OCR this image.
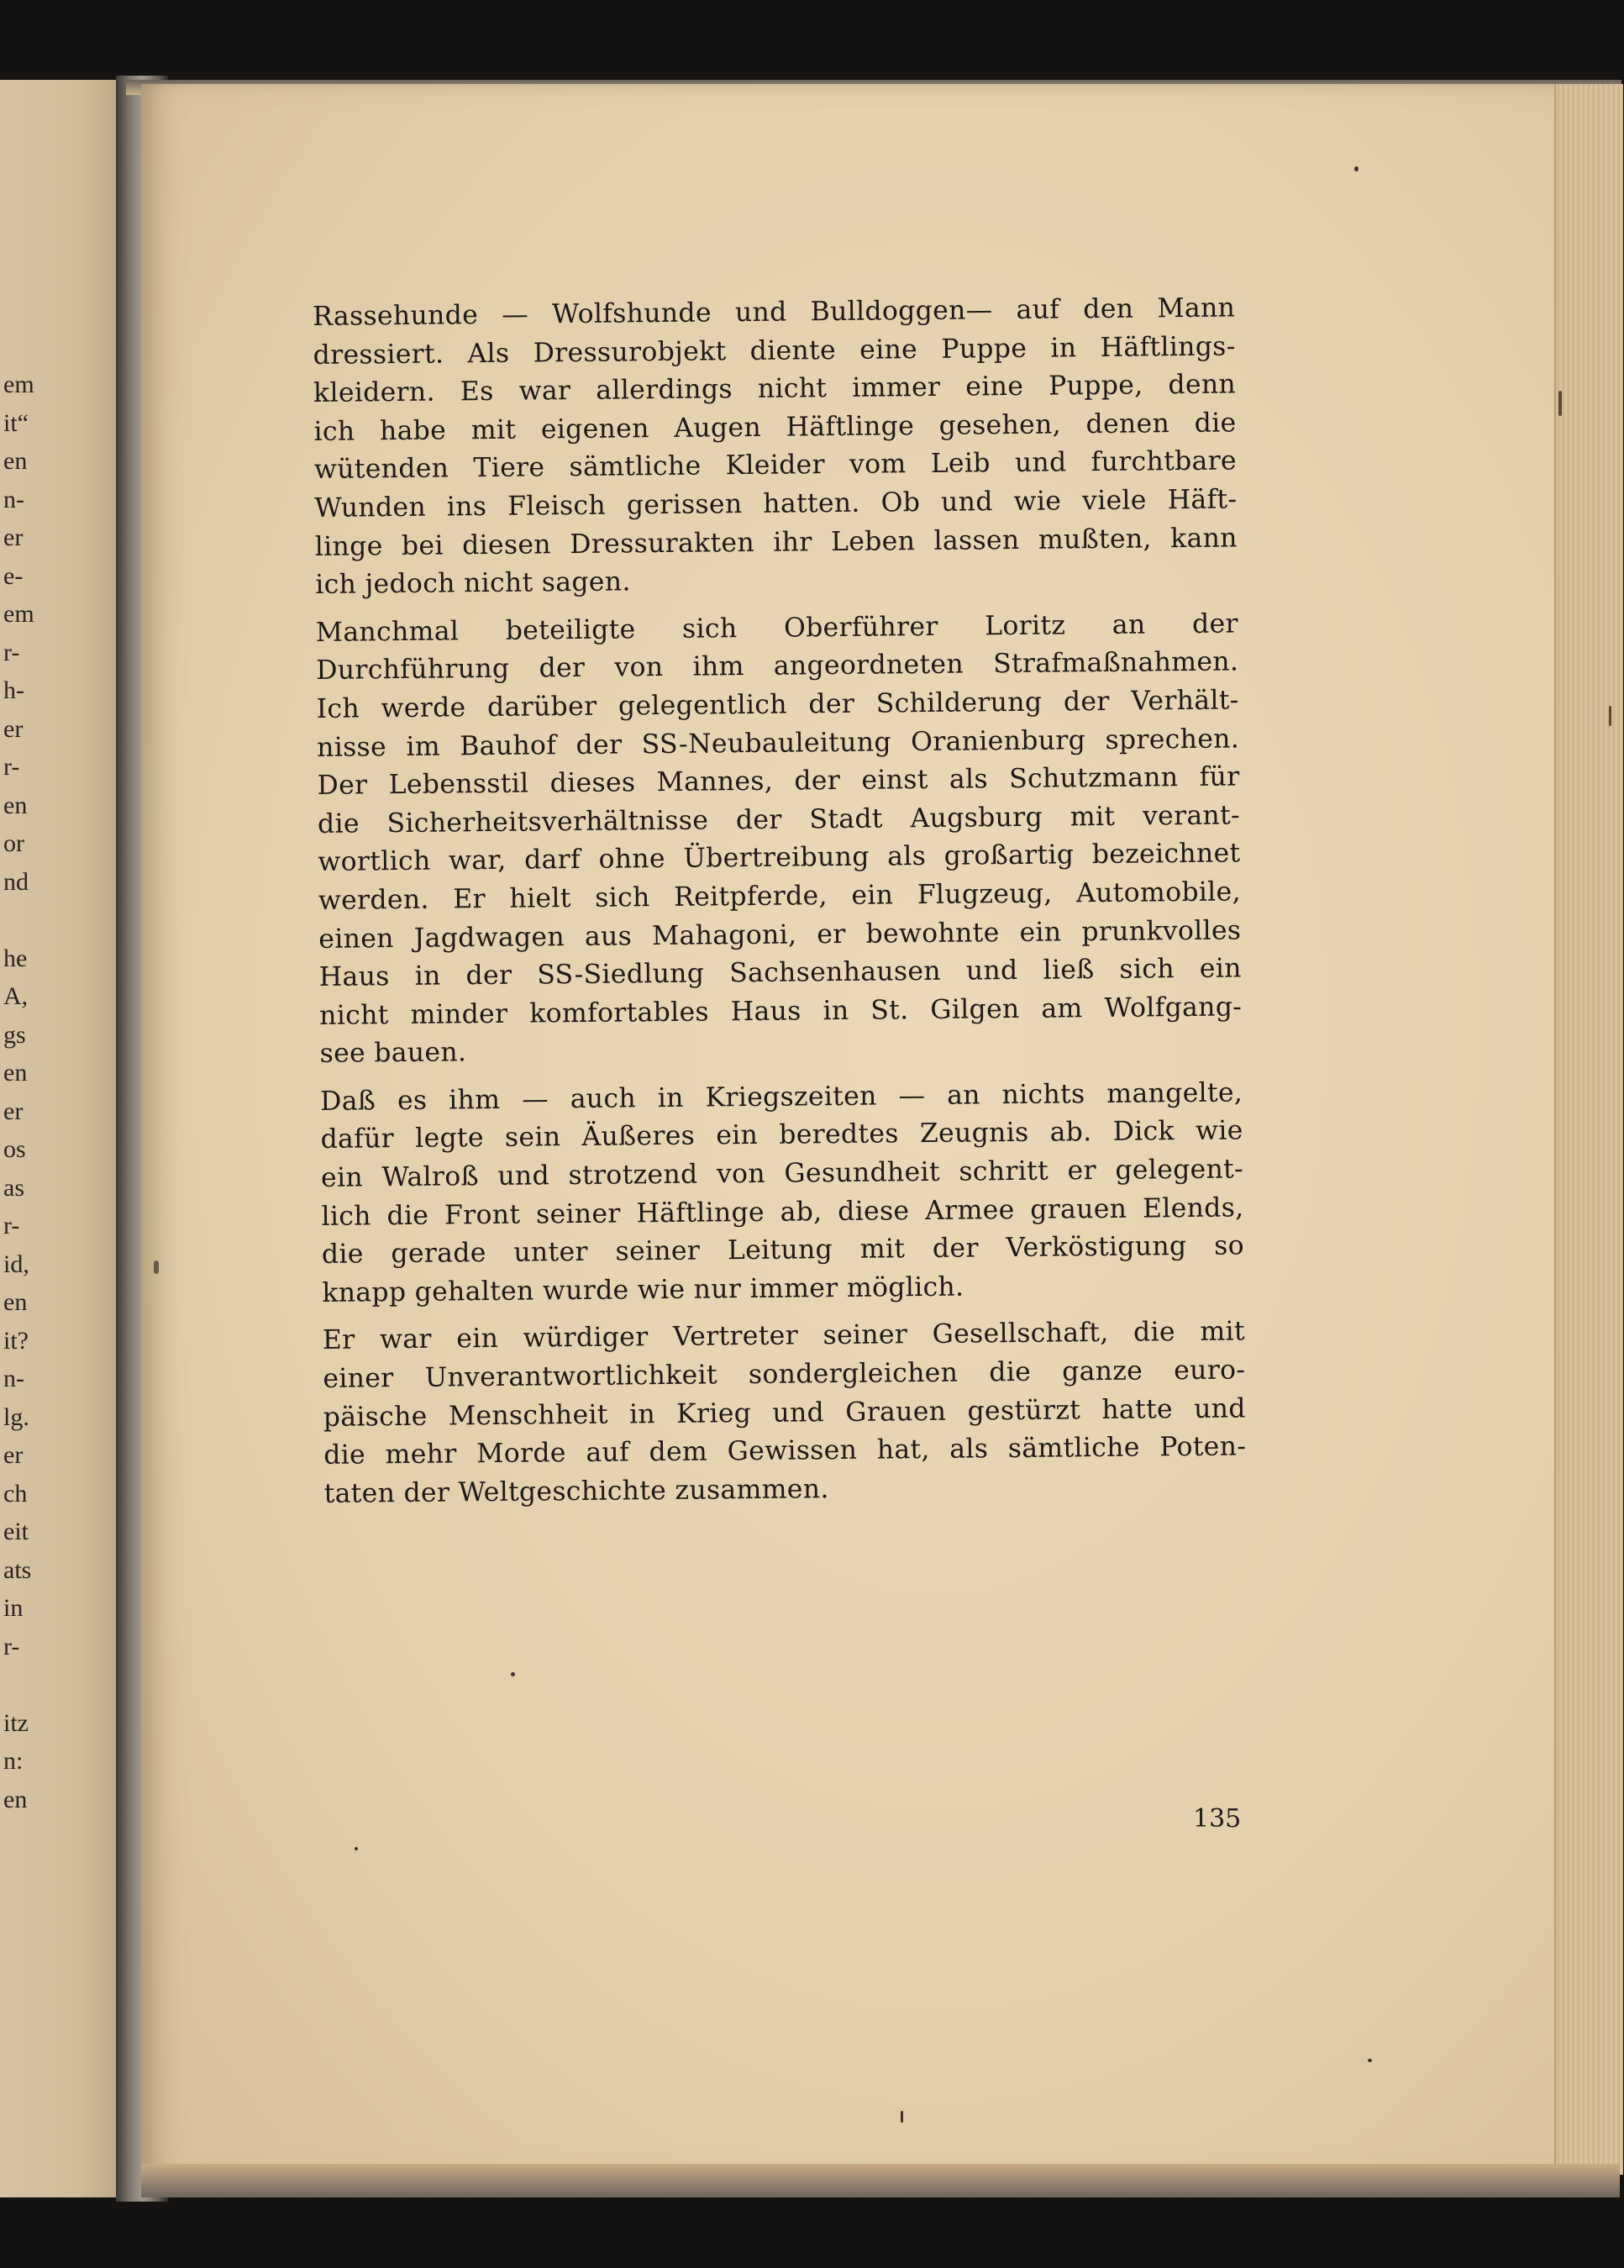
em
it“
en
n-
er
e-
em
r-
h-
er
r-
en
or
nd
he
A,
gs
en
er
os
as
r-
id,
en
it?
n-
lg.
er
ch
eit
ats
in
r-
itz
n:
en
Rassehunde — Wolfshunde und Bulldoggen— auf den Mann
dressiert. Als Dressurobjekt diente eine Puppe in Häftlings-
kleidern. Es war allerdings nicht immer eine Puppe, denn
ich habe mit eigenen Augen Häftlinge gesehen, denen die
wütenden Tiere sämtliche Kleider vom Leib und furchtbare
Wunden ins Fleisch gerissen hatten. Ob und wie viele Häft-
linge bei diesen Dressurakten ihr Leben lassen mußten, kann
ich jedoch nicht sagen.
Manchmal beteiligte sich Oberführer Loritz an der
Durchführung der von ihm angeordneten Strafmaßnahmen.
Ich werde darüber gelegentlich der Schilderung der Verhält-
nisse im Bauhof der SS-Neubauleitung Oranienburg sprechen.
Der Lebensstil dieses Mannes, der einst als Schutzmann für
die Sicherheitsverhältnisse der Stadt Augsburg mit verant-
wortlich war, darf ohne Übertreibung als großartig bezeichnet
werden. Er hielt sich Reitpferde, ein Flugzeug, Automobile,
einen Jagdwagen aus Mahagoni, er bewohnte ein prunkvolles
Haus in der SS-Siedlung Sachsenhausen und ließ sich ein
nicht minder komfortables Haus in St. Gilgen am Wolfgang-
see bauen.
Daß es ihm — auch in Kriegszeiten — an nichts mangelte,
dafür legte sein Äußeres ein beredtes Zeugnis ab. Dick wie
ein Walroß und strotzend von Gesundheit schritt er gelegent-
lich die Front seiner Häftlinge ab, diese Armee grauen Elends,
die gerade unter seiner Leitung mit der Verköstigung so
knapp gehalten wurde wie nur immer möglich.
Er war ein würdiger Vertreter seiner Gesellschaft, die mit
einer Unverantwortlichkeit sondergleichen die ganze euro-
päische Menschheit in Krieg und Grauen gestürzt hatte und
die mehr Morde auf dem Gewissen hat, als sämtliche Poten-
taten der Weltgeschichte zusammen.
135
